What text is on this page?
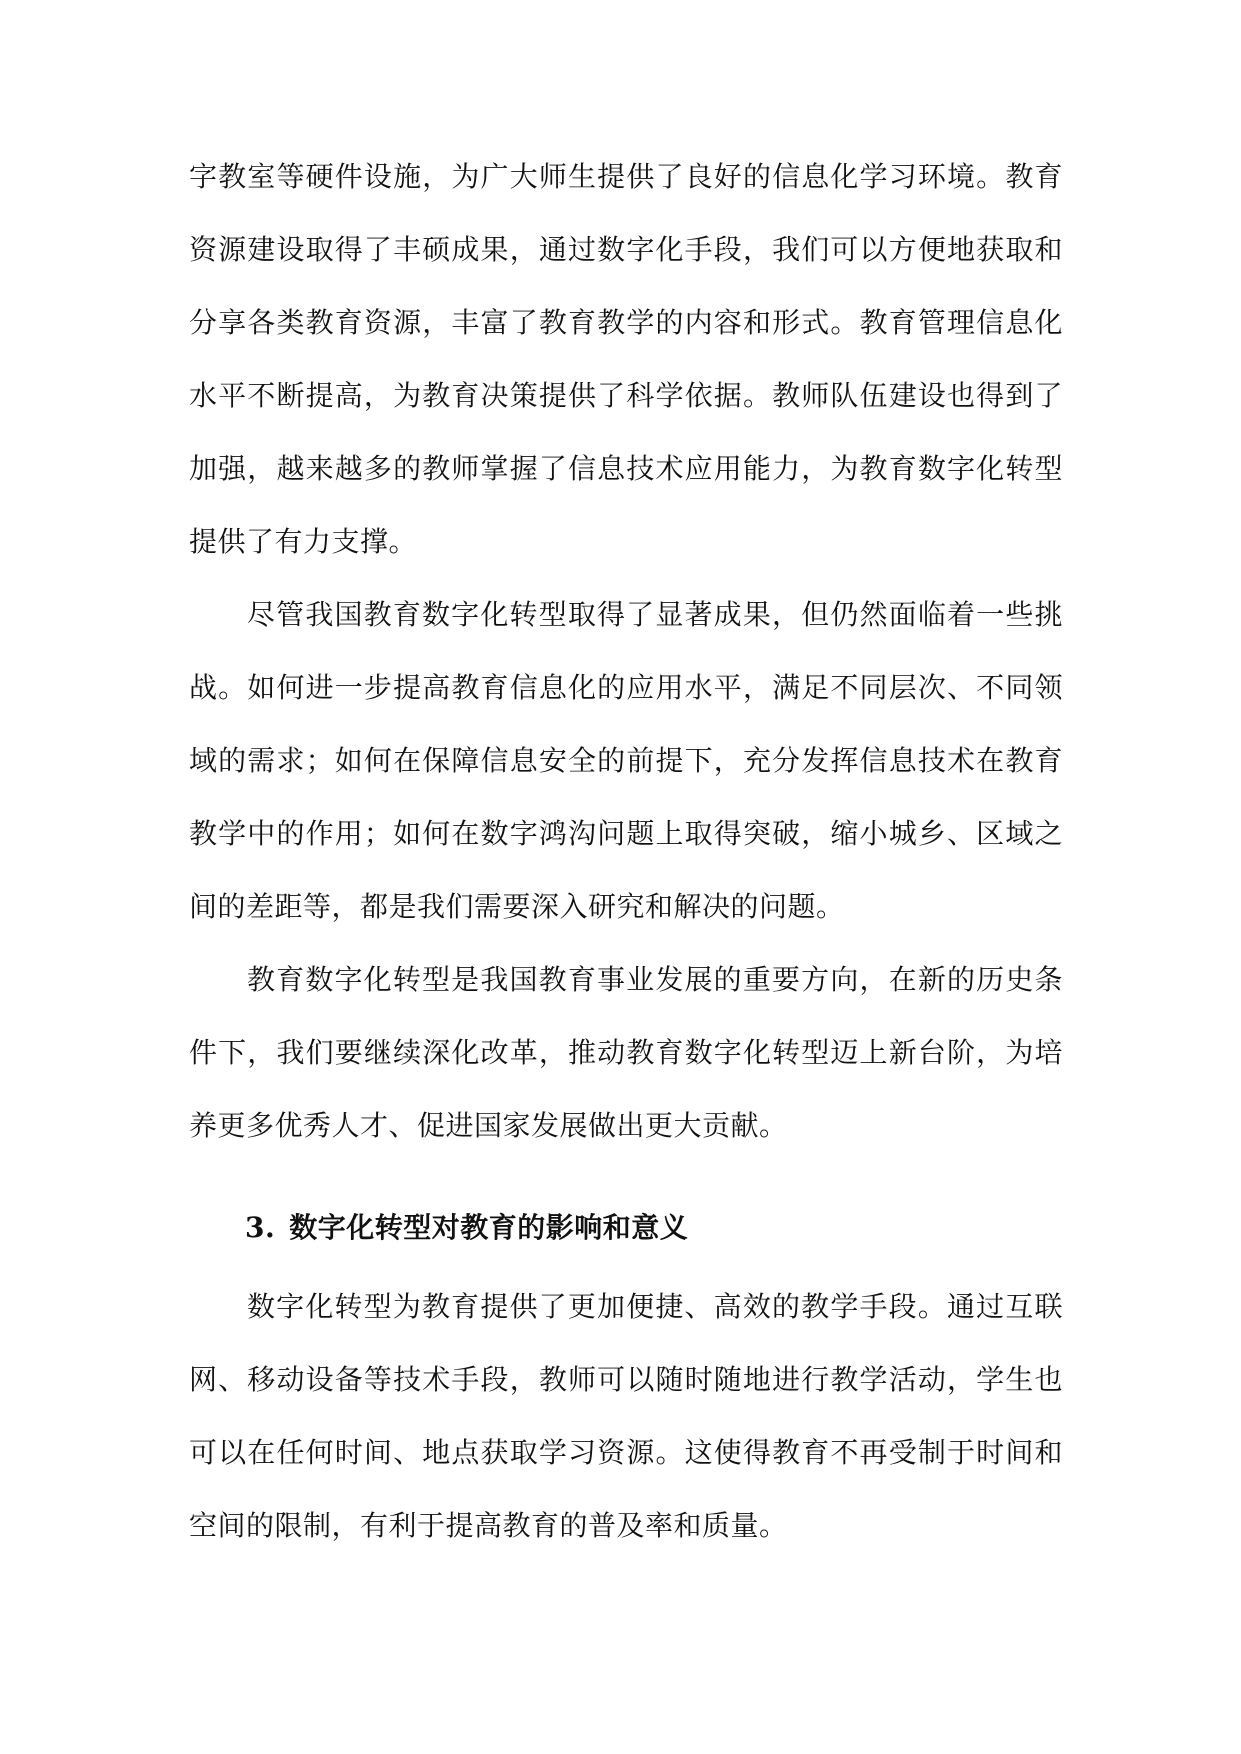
字教室等硬件设施，为广大师生提供了良好的信息化学习环境。教育资源建设取得了丰硕成果，通过数字化手段，我们可以方便地获取和分享各类教育资源，丰富了教育教学的内容和形式。教育管理信息化水平不断提高，为教育决策提供了科学依据。教师队伍建设也得到了加强，越来越多的教师掌握了信息技术应用能力，为教育数字化转型提供了有力支撑。

尽管我国教育数字化转型取得了显著成果，但仍然面临着一些挑战。如何进一步提高教育信息化的应用水平，满足不同层次、不同领域的需求；如何在保障信息安全的前提下，充分发挥信息技术在教育教学中的作用；如何在数字鸿沟问题上取得突破，缩小城乡、区域之间的差距等，都是我们需要深入研究和解决的问题。

教育数字化转型是我国教育事业发展的重要方向，在新的历史条件下，我们要继续深化改革，推动教育数字化转型迈上新台阶，为培养更多优秀人才、促进国家发展做出更大贡献。

3. 数字化转型对教育的影响和意义

数字化转型为教育提供了更加便捷、高效的教学手段。通过互联网、移动设备等技术手段，教师可以随时随地进行教学活动，学生也可以在任何时间、地点获取学习资源。这使得教育不再受制于时间和空间的限制，有利于提高教育的普及率和质量。
